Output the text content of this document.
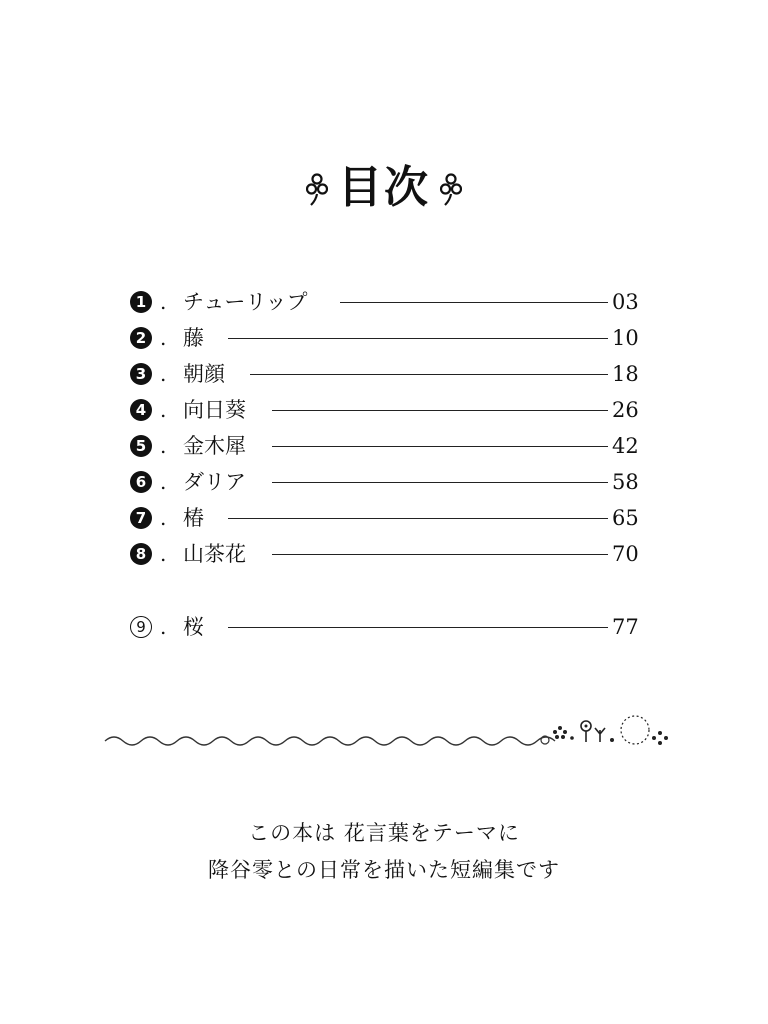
目次
1 . チューリップ	03
2 . 藤	10
3 . 朝顔	18
4 . 向日葵	26
5 . 金木犀	42
6 . ダリア	58
7 . 椿	65
8 . 山茶花	70
9 . 桜	77
この本は 花言葉をテーマに
降谷零との日常を描いた短編集です
